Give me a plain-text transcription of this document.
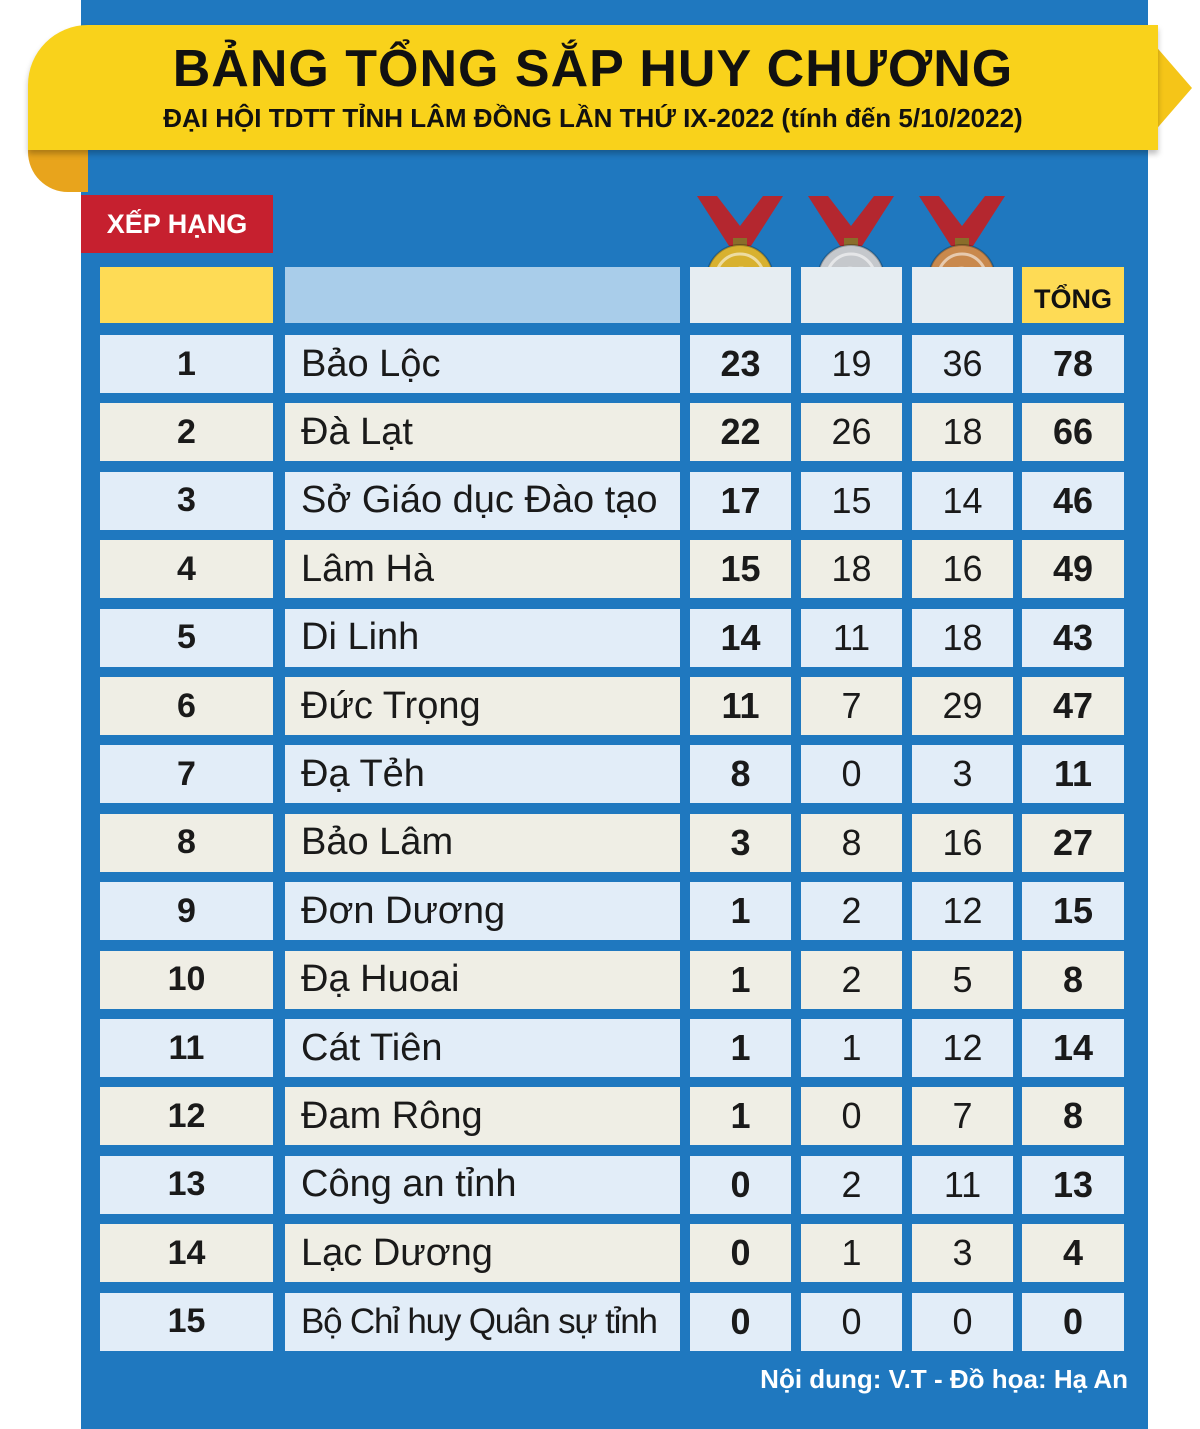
BẢNG TỔNG SẮP HUY CHƯƠNG
ĐẠI HỘI TDTT TỈNH LÂM ĐỒNG LẦN THỨ IX-2022 (tính đến 5/10/2022)
XẾP HẠNG
TỔNG
1	Bảo Lộc	23	19	36	78
2	Đà Lạt	22	26	18	66
3	Sở Giáo dục Đào tạo	17	15	14	46
4	Lâm Hà	15	18	16	49
5	Di Linh	14	11	18	43
6	Đức Trọng	11	7	29	47
7	Đạ Tẻh	8	0	3	11
8	Bảo Lâm	3	8	16	27
9	Đơn Dương	1	2	12	15
10	Đạ Huoai	1	2	5	8
11	Cát Tiên	1	1	12	14
12	Đam Rông	1	0	7	8
13	Công an tỉnh	0	2	11	13
14	Lạc Dương	0	1	3	4
15	Bộ Chỉ huy Quân sự tỉnh	0	0	0	0
Nội dung: V.T - Đồ họa: Hạ An
